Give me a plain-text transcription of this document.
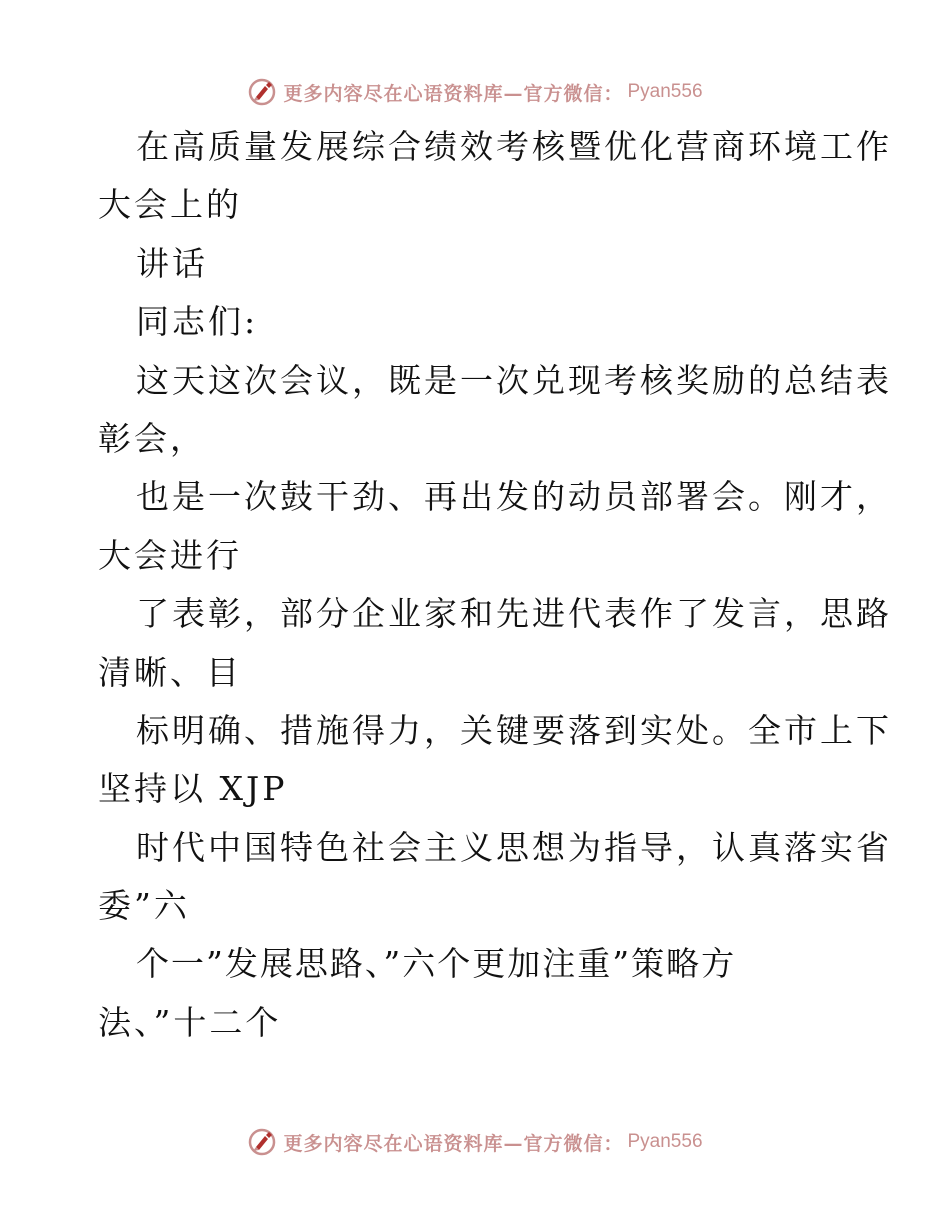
更多内容尽在心语资料库—官方微信： Pyan556
在高质量发展综合绩效考核暨优化营商环境工作
大会上的
讲话
同志们:
这天这次会议，既是一次兑现考核奖励的总结表
彰会，
也是一次鼓干劲、再出发的动员部署会。刚才，
大会进行
了表彰，部分企业家和先进代表作了发言，思路
清晰、目
标明确、措施得力，关键要落到实处。全市上下
坚持以 XJP
时代中国特色社会主义思想为指导，认真落实省
委”六
个一”发展思路、”六个更加注重”策略方
法、”十二个
更多内容尽在心语资料库—官方微信： Pyan556
